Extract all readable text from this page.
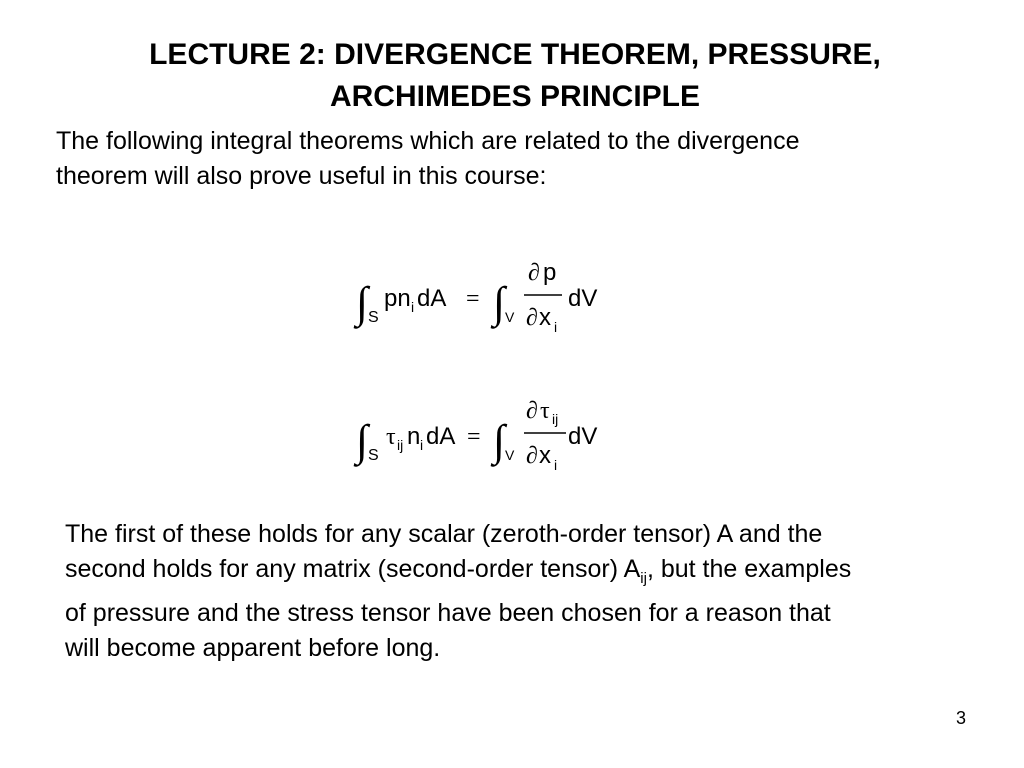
LECTURE 2: DIVERGENCE THEOREM, PRESSURE,
ARCHIMEDES PRINCIPLE

The following integral theorems which are related to the divergence
theorem will also prove useful in this course:

∫ S
pn i dA = ∫ V
∂ p
∂ x i
dV
∫ S
τ ij n i dA = ∫ V
∂ τ ij
∂ x i
dV

The first of these holds for any scalar (zeroth-order tensor) A and the
second holds for any matrix (second-order tensor) $A_{ij}$, but the examples
of pressure and the stress tensor have been chosen for a reason that
will become apparent before long.

3
